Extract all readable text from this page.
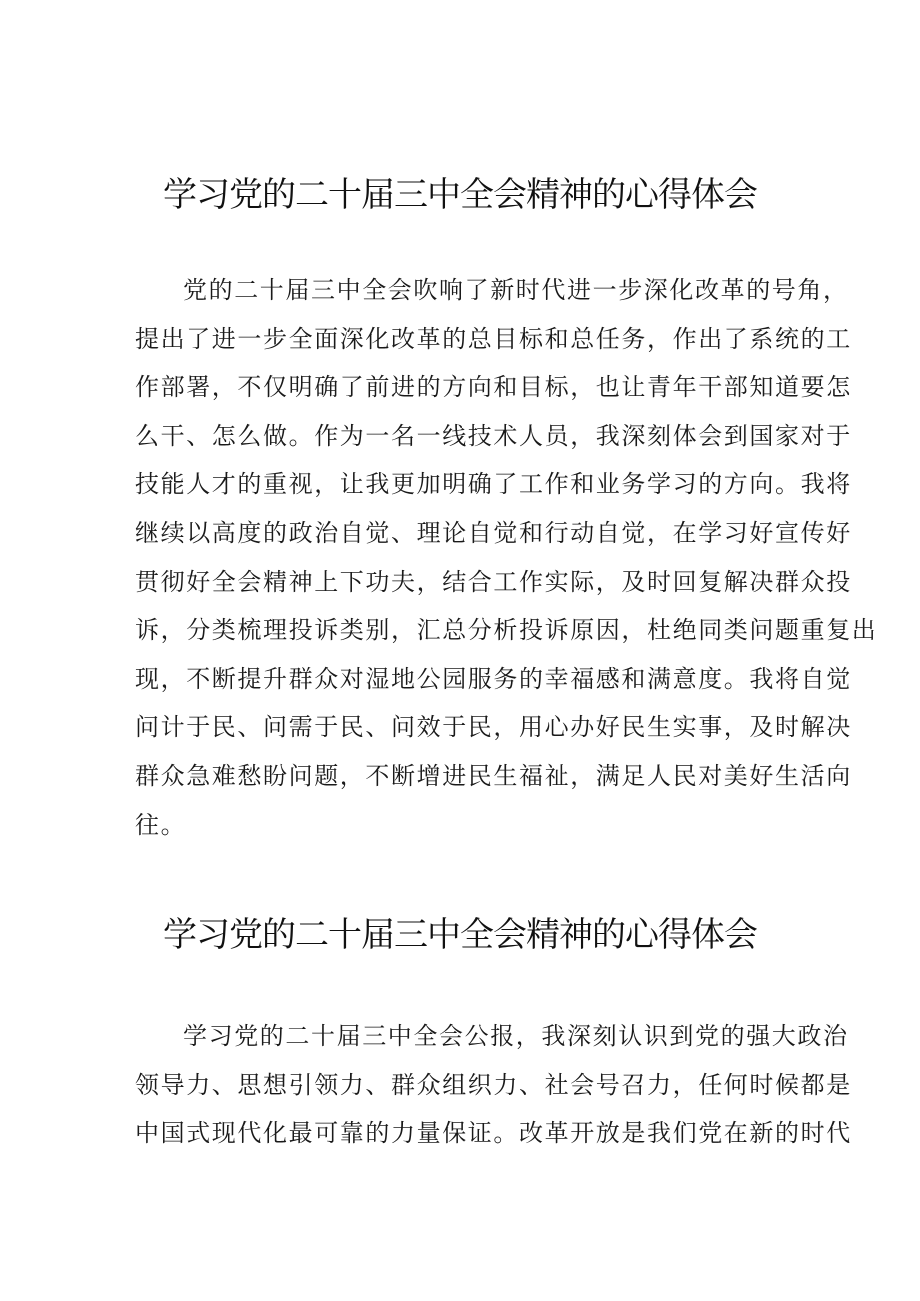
学习党的二十届三中全会精神的心得体会
党的二十届三中全会吹响了新时代进一步深化改革的号角，
提出了进一步全面深化改革的总目标和总任务，作出了系统的工
作部署，不仅明确了前进的方向和目标，也让青年干部知道要怎
么干、怎么做。作为一名一线技术人员，我深刻体会到国家对于
技能人才的重视，让我更加明确了工作和业务学习的方向。我将
继续以高度的政治自觉、理论自觉和行动自觉，在学习好宣传好
贯彻好全会精神上下功夫，结合工作实际，及时回复解决群众投
诉，分类梳理投诉类别，汇总分析投诉原因，杜绝同类问题重复出
现，不断提升群众对湿地公园服务的幸福感和满意度。我将自觉
问计于民、问需于民、问效于民，用心办好民生实事，及时解决
群众急难愁盼问题，不断增进民生福祉，满足人民对美好生活向
往。
学习党的二十届三中全会精神的心得体会
学习党的二十届三中全会公报，我深刻认识到党的强大政治
领导力、思想引领力、群众组织力、社会号召力，任何时候都是
中国式现代化最可靠的力量保证。改革开放是我们党在新的时代
